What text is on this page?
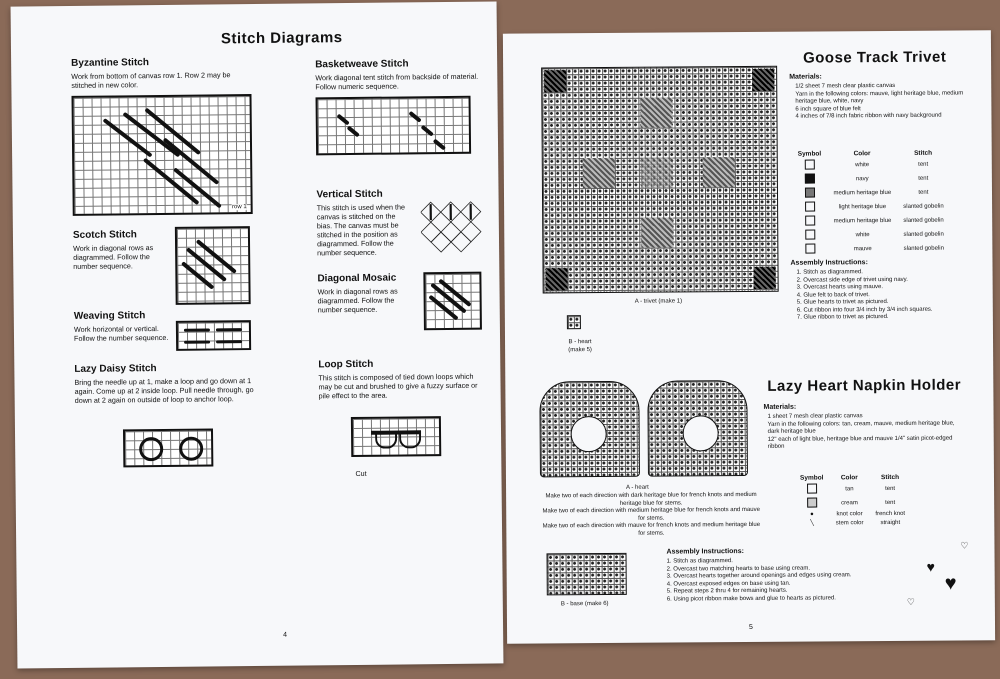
Stitch Diagrams
Byzantine Stitch
Work from bottom of canvas row 1. Row 2 may be stitched in new color.
row 1
Scotch Stitch
Work in diagonal rows as diagrammed. Follow the number sequence.
Weaving Stitch
Work horizontal or vertical. Follow the number sequence.
Lazy Daisy Stitch
Bring the needle up at 1, make a loop and go down at 1 again. Come up at 2 inside loop. Pull needle through, go down at 2 again on outside of loop to anchor loop.
Basketweave Stitch
Work diagonal tent stitch from backside of material. Follow numeric sequence.
Vertical Stitch
This stitch is used when the canvas is stitched on the bias. The canvas must be stitched in the position as diagrammed. Follow the number sequence.
Diagonal Mosaic
Work in diagonal rows as diagrammed. Follow the number sequence.
Loop Stitch
This stitch is composed of tied down loops which may be cut and brushed to give a fuzzy surface or pile effect to the area.
Cut
4
A - trivet (make 1)
B - heart (make 5)
Goose Track Trivet
Materials:
1/2 sheet 7 mesh clear plastic canvas
Yarn in the following colors: mauve, light heritage blue, medium heritage blue, white, navy
6 inch square of blue felt
4 inches of 7/8 inch fabric ribbon with navy background
Symbol	Color	Stitch
	white	tent
	navy	tent
	medium heritage blue	tent
	light heritage blue	slanted gobelin
	medium heritage blue	slanted gobelin
	white	slanted gobelin
	mauve	slanted gobelin
Assembly Instructions:
1. Stitch as diagrammed.
2. Overcast side edge of trivet using navy.
3. Overcast hearts using mauve.
4. Glue felt to back of trivet.
5. Glue hearts to trivet as pictured.
6. Cut ribbon into four 3/4 inch by 3/4 inch squares.
7. Glue ribbon to trivet as pictured.
A - heart
Make two of each direction with dark heritage blue for french knots and medium heritage blue for stems.
Make two of each direction with medium heritage blue for french knots and mauve for stems.
Make two of each direction with mauve for french knots and medium heritage blue for stems.
B - base (make 6)
Lazy Heart Napkin Holder
Materials:
1 sheet 7 mesh clear plastic canvas
Yarn in the following colors: tan, cream, mauve, medium heritage blue, dark heritage blue
12" each of light blue, heritage blue and mauve 1/4" satin picot-edged ribbon
Symbol	Color	Stitch
	tan	tent
	cream	tent
●	knot color	french knot
╲	stem color	straight
Assembly Instructions:
1. Stitch as diagrammed.
2. Overcast two matching hearts to base using cream.
3. Overcast hearts together around openings and edges using cream.
4. Overcast exposed edges on base using tan.
5. Repeat steps 2 thru 4 for remaining hearts.
6. Using picot ribbon make bows and glue to hearts as pictured.
♥
♥
♡
♡
5
